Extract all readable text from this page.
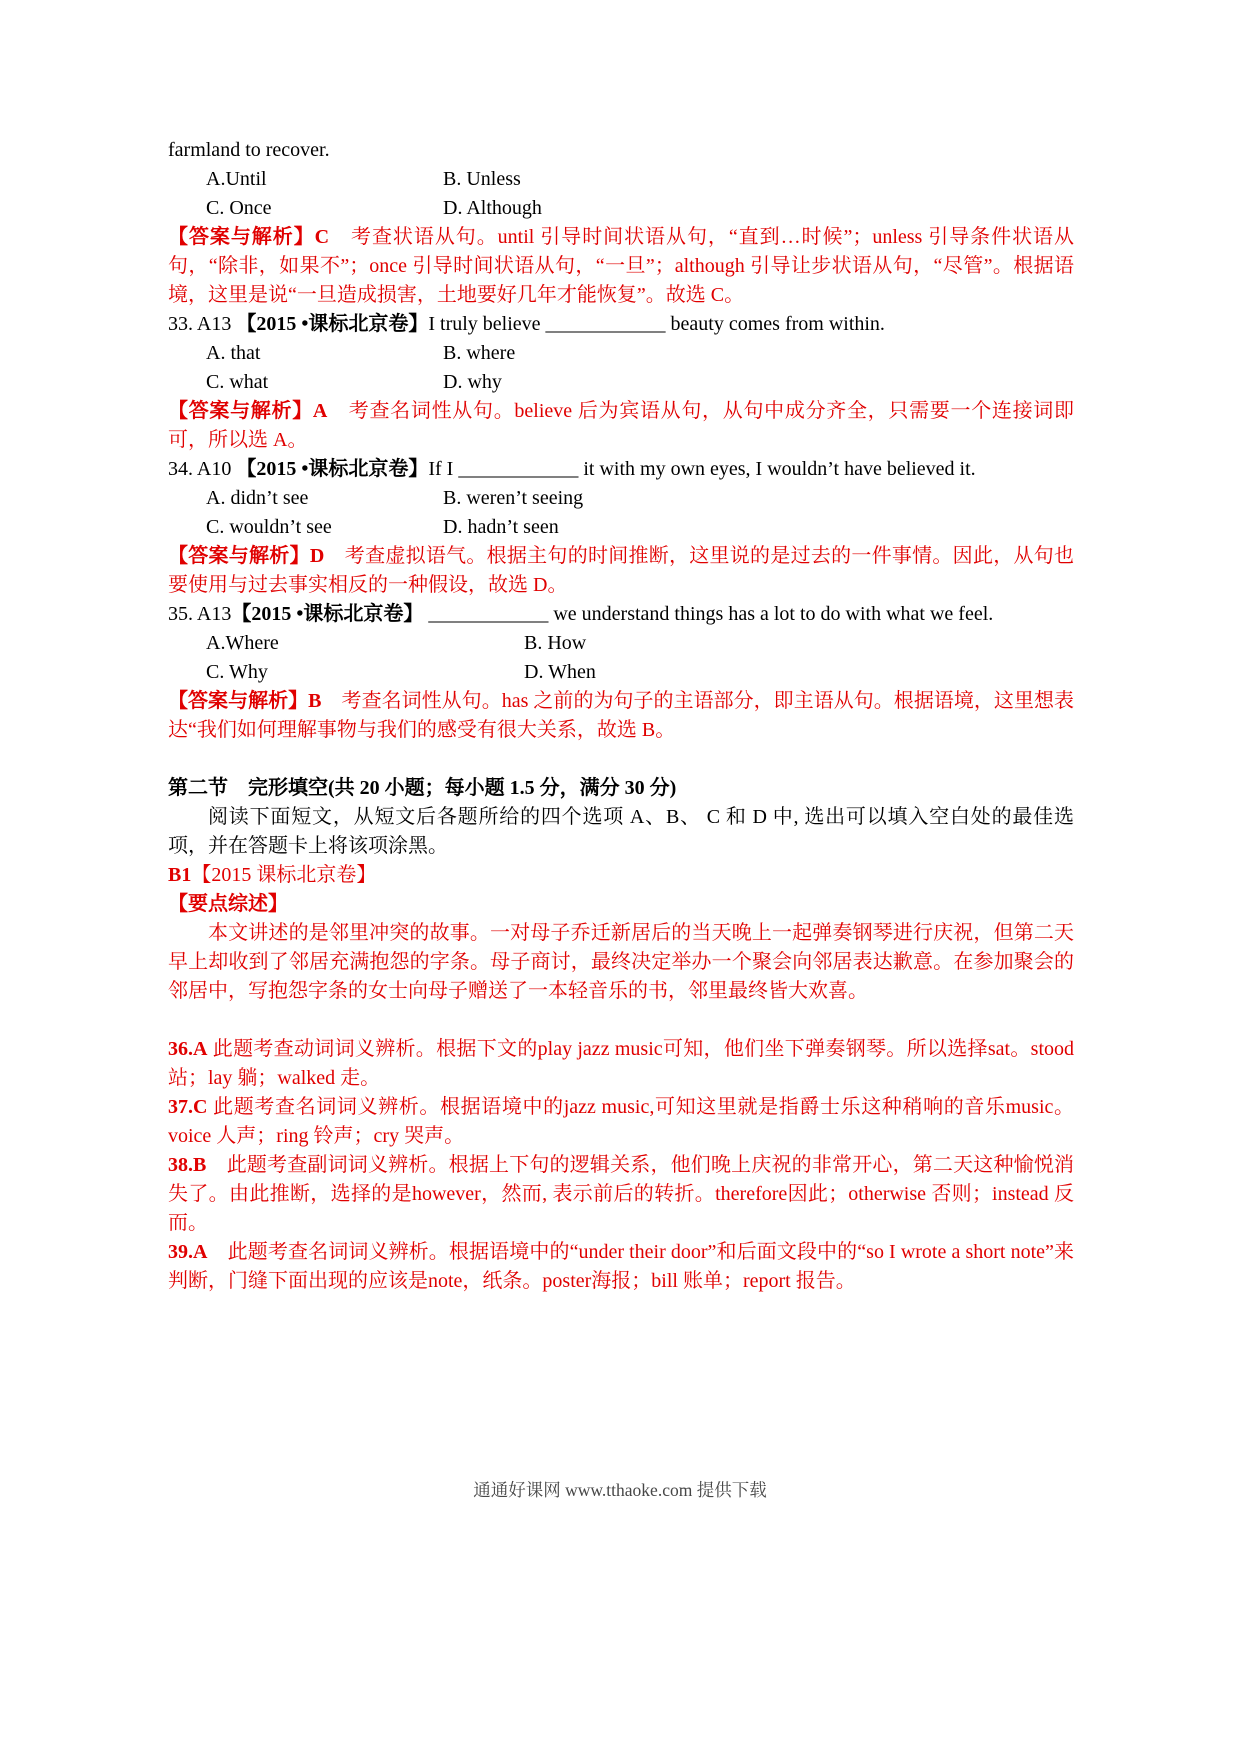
farmland to recover.
A.Until	B. Unless
C. Once	D. Although
【答案与解析】C　考查状语从句。until 引导时间状语从句，“直到…时候”；unless 引导条件状语从句，“除非，如果不”；once 引导时间状语从句，“一旦”；although 引导让步状语从句，“尽管”。根据语境，这里是说“一旦造成损害，土地要好几年才能恢复”。故选 C。
33. A13 【2015 •课标北京卷】I truly believe ____________ beauty comes from within.
A. that	B. where
C. what	D. why
【答案与解析】A　考查名词性从句。believe 后为宾语从句，从句中成分齐全，只需要一个连接词即可，所以选 A。
34. A10 【2015 •课标北京卷】If I ____________ it with my own eyes, I wouldn’t have believed it.
A. didn’t see	B. weren’t seeing
C. wouldn’t see	D. hadn’t seen
【答案与解析】D　考查虚拟语气。根据主句的时间推断，这里说的是过去的一件事情。因此，从句也要使用与过去事实相反的一种假设，故选 D。
35. A13【2015 •课标北京卷】 ____________ we understand things has a lot to do with what we feel.
A.Where	B. How
C. Why	D. When
【答案与解析】B　考查名词性从句。has 之前的为句子的主语部分，即主语从句。根据语境，这里想表达“我们如何理解事物与我们的感受有很大关系，故选 B。
第二节　完形填空(共 20 小题；每小题 1.5 分，满分 30 分)
阅读下面短文，从短文后各题所给的四个选项 A、B、 C 和 D 中, 选出可以填入空白处的最佳选项，并在答题卡上将该项涂黑。
B1【2015 课标北京卷】
【要点综述】
本文讲述的是邻里冲突的故事。一对母子乔迁新居后的当天晚上一起弹奏钢琴进行庆祝，但第二天早上却收到了邻居充满抱怨的字条。母子商讨，最终决定举办一个聚会向邻居表达歉意。在参加聚会的邻居中，写抱怨字条的女士向母子赠送了一本轻音乐的书，邻里最终皆大欢喜。
36.A 此题考查动词词义辨析。根据下文的play jazz music可知，他们坐下弹奏钢琴。所以选择sat。stood 站；lay 躺；walked 走。
37.C 此题考查名词词义辨析。根据语境中的jazz music,可知这里就是指爵士乐这种稍响的音乐music。voice 人声；ring 铃声；cry 哭声。
38.B　此题考查副词词义辨析。根据上下句的逻辑关系，他们晚上庆祝的非常开心，第二天这种愉悦消失了。由此推断，选择的是however，然而, 表示前后的转折。therefore因此；otherwise 否则；instead 反而。
39.A　此题考查名词词义辨析。根据语境中的“under their door”和后面文段中的“so I wrote a short note”来判断，门缝下面出现的应该是note，纸条。poster海报；bill 账单；report 报告。
通通好课网 www.tthaoke.com 提供下载
